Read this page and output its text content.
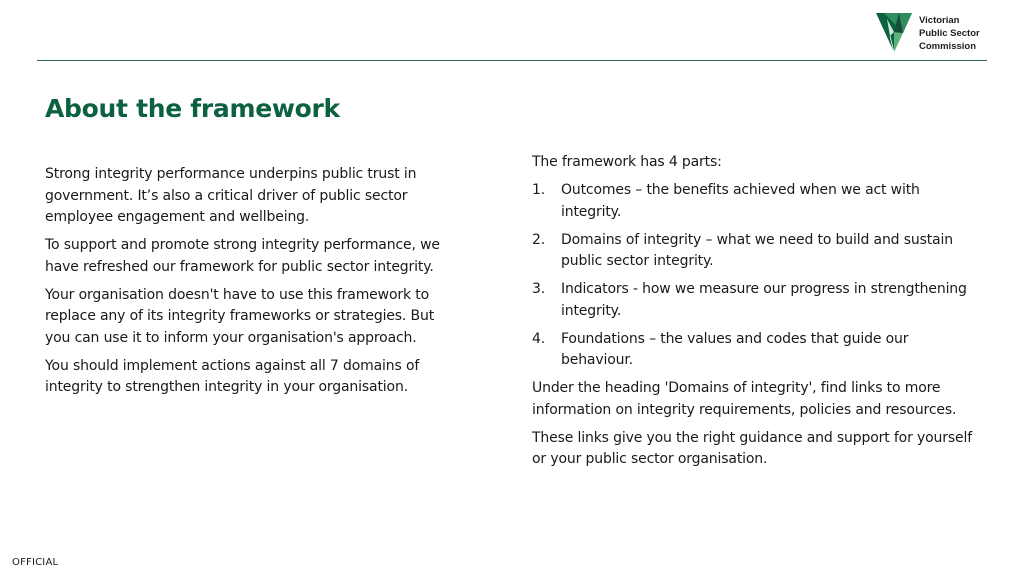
Victorian
Public Sector
Commission
About the framework

Strong integrity performance underpins public trust in government. It’s also a critical driver of public sector employee engagement and wellbeing.

To support and promote strong integrity performance, we have refreshed our framework for public sector integrity.

Your organisation doesn't have to use this framework to replace any of its integrity frameworks or strategies. But you can use it to inform your organisation's approach.

You should implement actions against all 7 domains of integrity to strengthen integrity in your organisation.

The framework has 4 parts:

1. Outcomes – the benefits achieved when we act with integrity.
2. Domains of integrity – what we need to build and sustain public sector integrity.
3. Indicators - how we measure our progress in strengthening integrity.
4. Foundations – the values and codes that guide our behaviour.

Under the heading 'Domains of integrity', find links to more information on integrity requirements, policies and resources.

These links give you the right guidance and support for yourself or your public sector organisation.

OFFICIAL
